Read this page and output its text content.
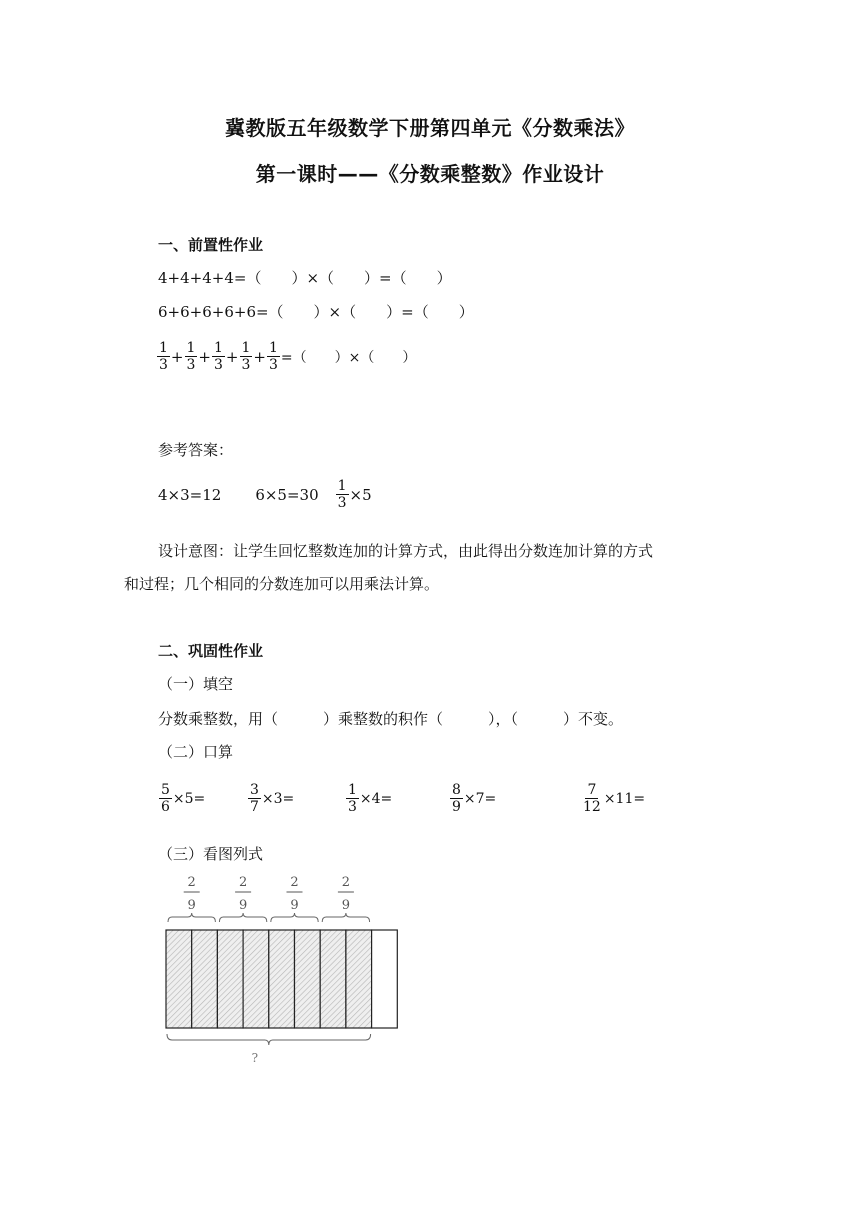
冀教版五年级数学下册第四单元《分数乘法》
第一课时——《分数乘整数》作业设计
一、前置性作业
4+4+4+4=（　　）×（　　）=（　　）
6+6+6+6+6=（　　）×（　　）=（　　）
$\frac{1}{3} + \frac{1}{3} + \frac{1}{3} + \frac{1}{3} + \frac{1}{3}$ =（　　）×（　　）
参考答案：
4×3=12 $6\times 5=30 \frac{1}{3} \times 5$
设计意图：让学生回忆整数连加的计算方式，由此得出分数连加计算的方式
和过程；几个相同的分数连加可以用乘法计算。
二、巩固性作业
（一）填空
分数乘整数，用（　　　）乘整数的积作（　　　），（　　　）不变。
（二）口算
$\frac{5}{6} \times 5=$	$\frac{3}{7} \times 3=$	$\frac{1}{3} \times 4=$	$\frac{8}{9} \times 7=$	$\frac{7}{12} \times 11=$
（三）看图列式
2
9
2
9
2
9
2
9
?
